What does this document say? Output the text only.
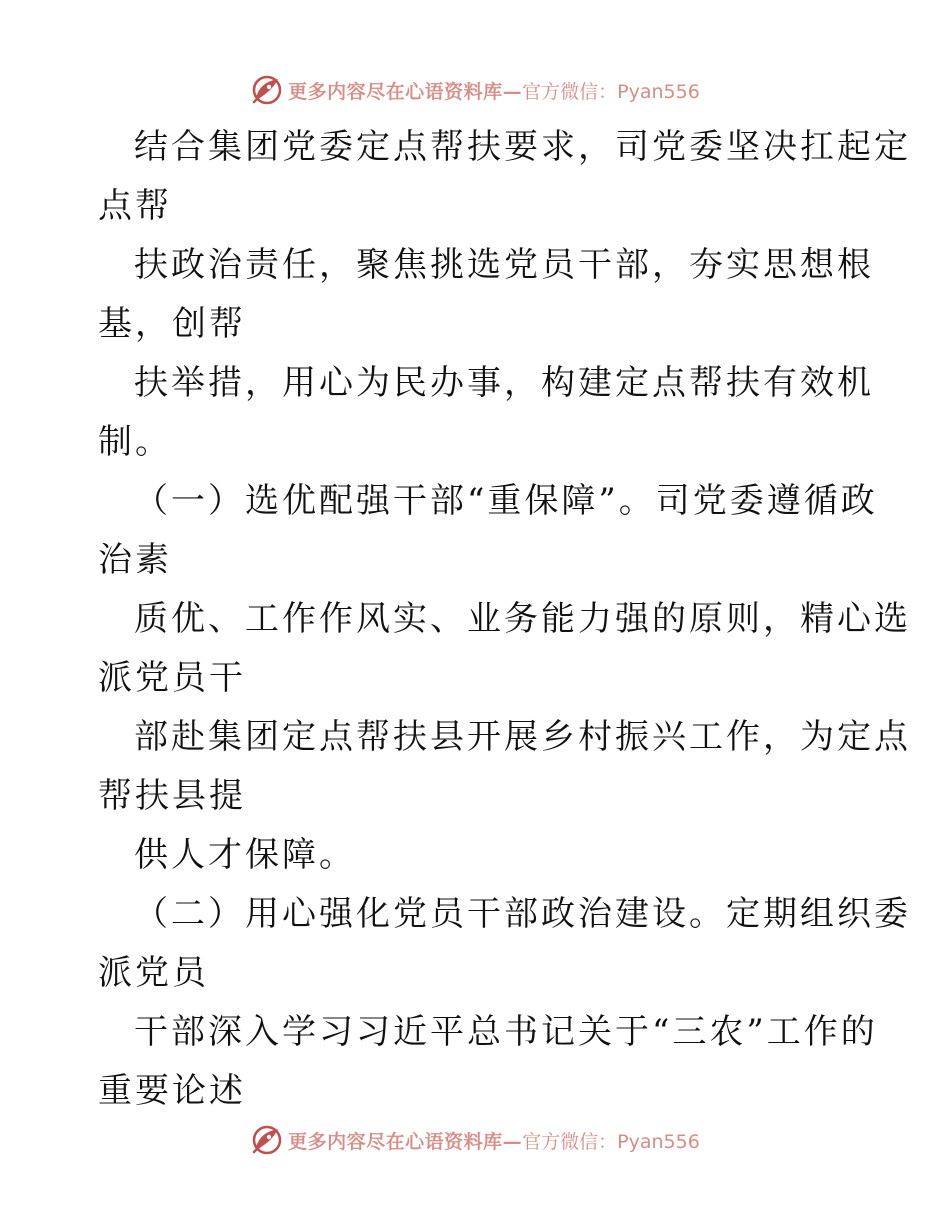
更多内容尽在心语资料库— 官方微信：Pyan556
结合集团党委定点帮扶要求，司党委坚决扛起定
点帮
扶政治责任，聚焦挑选党员干部，夯实思想根
基，创帮
扶举措，用心为民办事，构建定点帮扶有效机
制。
（一）选优配强干部“重保障”。司党委遵循政
治素
质优、工作作风实、业务能力强的原则，精心选
派党员干
部赴集团定点帮扶县开展乡村振兴工作，为定点
帮扶县提
供人才保障。
（二）用心强化党员干部政治建设。定期组织委
派党员
干部深入学习习近平总书记关于“三农”工作的
重要论述
更多内容尽在心语资料库— 官方微信：Pyan556
